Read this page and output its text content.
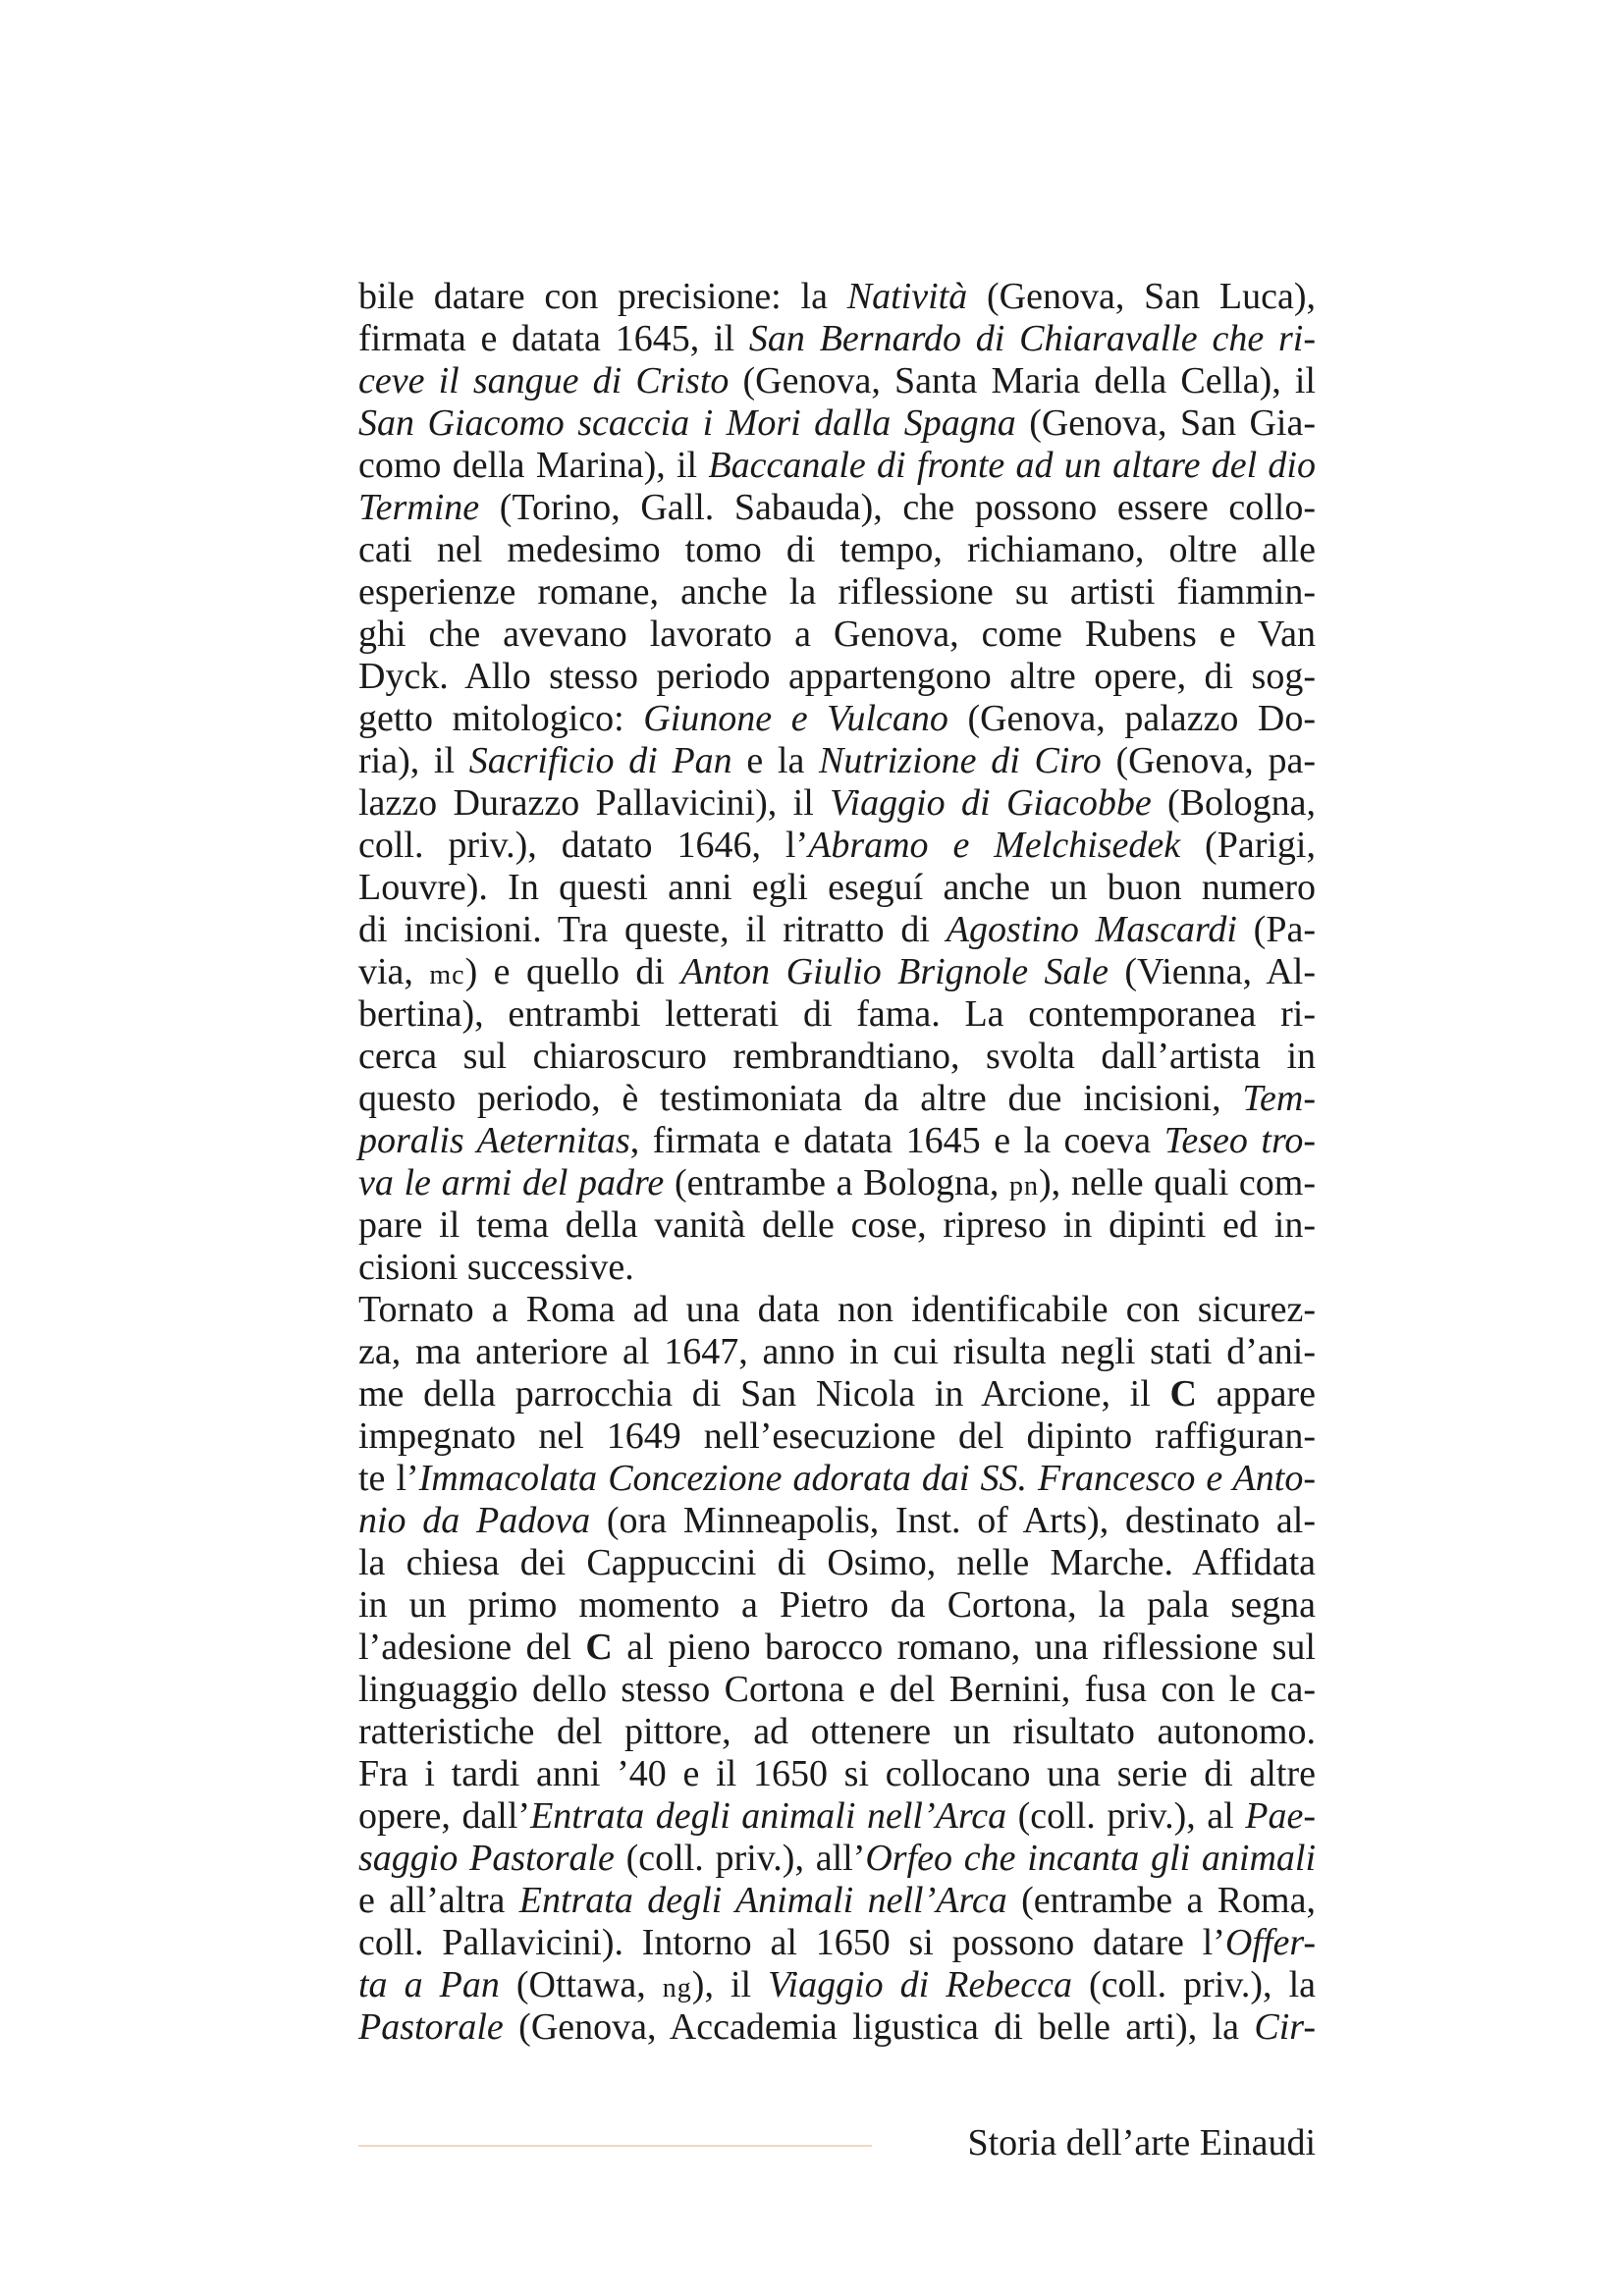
bile datare con precisione: la Natività (Genova, San Luca),
firmata e datata 1645, il San Bernardo di Chiaravalle che ri-
ceve il sangue di Cristo (Genova, Santa Maria della Cella), il
San Giacomo scaccia i Mori dalla Spagna (Genova, San Gia-
como della Marina), il Baccanale di fronte ad un altare del dio
Termine (Torino, Gall. Sabauda), che possono essere collo-
cati nel medesimo tomo di tempo, richiamano, oltre alle
esperienze romane, anche la riflessione su artisti fiammin-
ghi che avevano lavorato a Genova, come Rubens e Van
Dyck. Allo stesso periodo appartengono altre opere, di sog-
getto mitologico: Giunone e Vulcano (Genova, palazzo Do-
ria), il Sacrificio di Pan e la Nutrizione di Ciro (Genova, pa-
lazzo Durazzo Pallavicini), il Viaggio di Giacobbe (Bologna,
coll. priv.), datato 1646, l’Abramo e Melchisedek (Parigi,
Louvre). In questi anni egli eseguí anche un buon numero
di incisioni. Tra queste, il ritratto di Agostino Mascardi (Pa-
via, mc) e quello di Anton Giulio Brignole Sale (Vienna, Al-
bertina), entrambi letterati di fama. La contemporanea ri-
cerca sul chiaroscuro rembrandtiano, svolta dall’artista in
questo periodo, è testimoniata da altre due incisioni, Tem-
poralis Aeternitas, firmata e datata 1645 e la coeva Teseo tro-
va le armi del padre (entrambe a Bologna, pn), nelle quali com-
pare il tema della vanità delle cose, ripreso in dipinti ed in-
cisioni successive.
Tornato a Roma ad una data non identificabile con sicurez-
za, ma anteriore al 1647, anno in cui risulta negli stati d’ani-
me della parrocchia di San Nicola in Arcione, il C appare
impegnato nel 1649 nell’esecuzione del dipinto raffiguran-
te l’Immacolata Concezione adorata dai SS. Francesco e Anto-
nio da Padova (ora Minneapolis, Inst. of Arts), destinato al-
la chiesa dei Cappuccini di Osimo, nelle Marche. Affidata
in un primo momento a Pietro da Cortona, la pala segna
l’adesione del C al pieno barocco romano, una riflessione sul
linguaggio dello stesso Cortona e del Bernini, fusa con le ca-
ratteristiche del pittore, ad ottenere un risultato autonomo.
Fra i tardi anni ’40 e il 1650 si collocano una serie di altre
opere, dall’Entrata degli animali nell’Arca (coll. priv.), al Pae-
saggio Pastorale (coll. priv.), all’Orfeo che incanta gli animali
e all’altra Entrata degli Animali nell’Arca (entrambe a Roma,
coll. Pallavicini). Intorno al 1650 si possono datare l’Offer-
ta a Pan (Ottawa, ng), il Viaggio di Rebecca (coll. priv.), la
Pastorale (Genova, Accademia ligustica di belle arti), la Cir-
Storia dell’arte Einaudi
